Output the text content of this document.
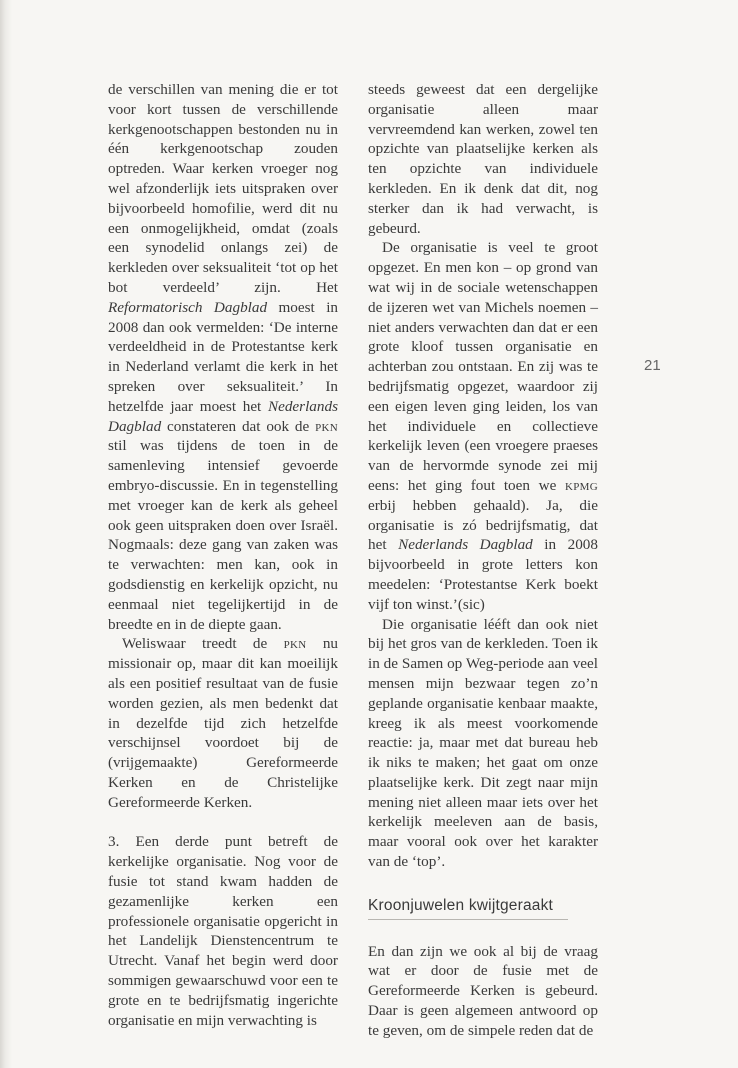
de verschillen van mening die er tot voor kort tussen de verschillende kerkgenootschappen bestonden nu in één kerkgenootschap zouden optreden. Waar kerken vroeger nog wel afzonderlijk iets uitspraken over bijvoorbeeld homofilie, werd dit nu een onmogelijkheid, omdat (zoals een synodelid onlangs zei) de kerkleden over seksualiteit ‘tot op het bot verdeeld’ zijn. Het Reformatorisch Dagblad moest in 2008 dan ook vermelden: ‘De interne verdeeldheid in de Protestantse kerk in Nederland verlamt die kerk in het spreken over seksualiteit.’ In hetzelfde jaar moest het Nederlands Dagblad constateren dat ook de pkn stil was tijdens de toen in de samenleving intensief gevoerde embryo-discussie. En in tegenstelling met vroeger kan de kerk als geheel ook geen uitspraken doen over Israël. Nogmaals: deze gang van zaken was te verwachten: men kan, ook in godsdienstig en kerkelijk opzicht, nu eenmaal niet tegelijkertijd in de breedte en in de diepte gaan.

Weliswaar treedt de pkn nu missionair op, maar dit kan moeilijk als een positief resultaat van de fusie worden gezien, als men bedenkt dat in dezelfde tijd zich hetzelfde verschijnsel voordoet bij de (vrijgemaakte) Gereformeerde Kerken en de Christelijke Gereformeerde Kerken.

3. Een derde punt betreft de kerkelijke organisatie. Nog voor de fusie tot stand kwam hadden de gezamenlijke kerken een professionele organisatie opgericht in het Landelijk Dienstencentrum te Utrecht. Vanaf het begin werd door sommigen gewaarschuwd voor een te grote en te bedrijfsmatig ingerichte organisatie en mijn verwachting is

steeds geweest dat een dergelijke organisatie alleen maar vervreemdend kan werken, zowel ten opzichte van plaatselijke kerken als ten opzichte van individuele kerkleden. En ik denk dat dit, nog sterker dan ik had verwacht, is gebeurd.

De organisatie is veel te groot opgezet. En men kon – op grond van wat wij in de sociale wetenschappen de ijzeren wet van Michels noemen – niet anders verwachten dan dat er een grote kloof tussen organisatie en achterban zou ontstaan. En zij was te bedrijfsmatig opgezet, waardoor zij een eigen leven ging leiden, los van het individuele en collectieve kerkelijk leven (een vroegere praeses van de hervormde synode zei mij eens: het ging fout toen we kpmg erbij hebben gehaald). Ja, die organisatie is zó bedrijfsmatig, dat het Nederlands Dagblad in 2008 bijvoorbeeld in grote letters kon meedelen: ‘Protestantse Kerk boekt vijf ton winst.’(sic)

Die organisatie lééft dan ook niet bij het gros van de kerkleden. Toen ik in de Samen op Weg-periode aan veel mensen mijn bezwaar tegen zo’n geplande organisatie kenbaar maakte, kreeg ik als meest voorkomende reactie: ja, maar met dat bureau heb ik niks te maken; het gaat om onze plaatselijke kerk. Dit zegt naar mijn mening niet alleen maar iets over het kerkelijk meeleven aan de basis, maar vooral ook over het karakter van de ‘top’.

Kroonjuwelen kwijtgeraakt

En dan zijn we ook al bij de vraag wat er door de fusie met de Gereformeerde Kerken is gebeurd. Daar is geen algemeen antwoord op te geven, om de simpele reden dat de

21
